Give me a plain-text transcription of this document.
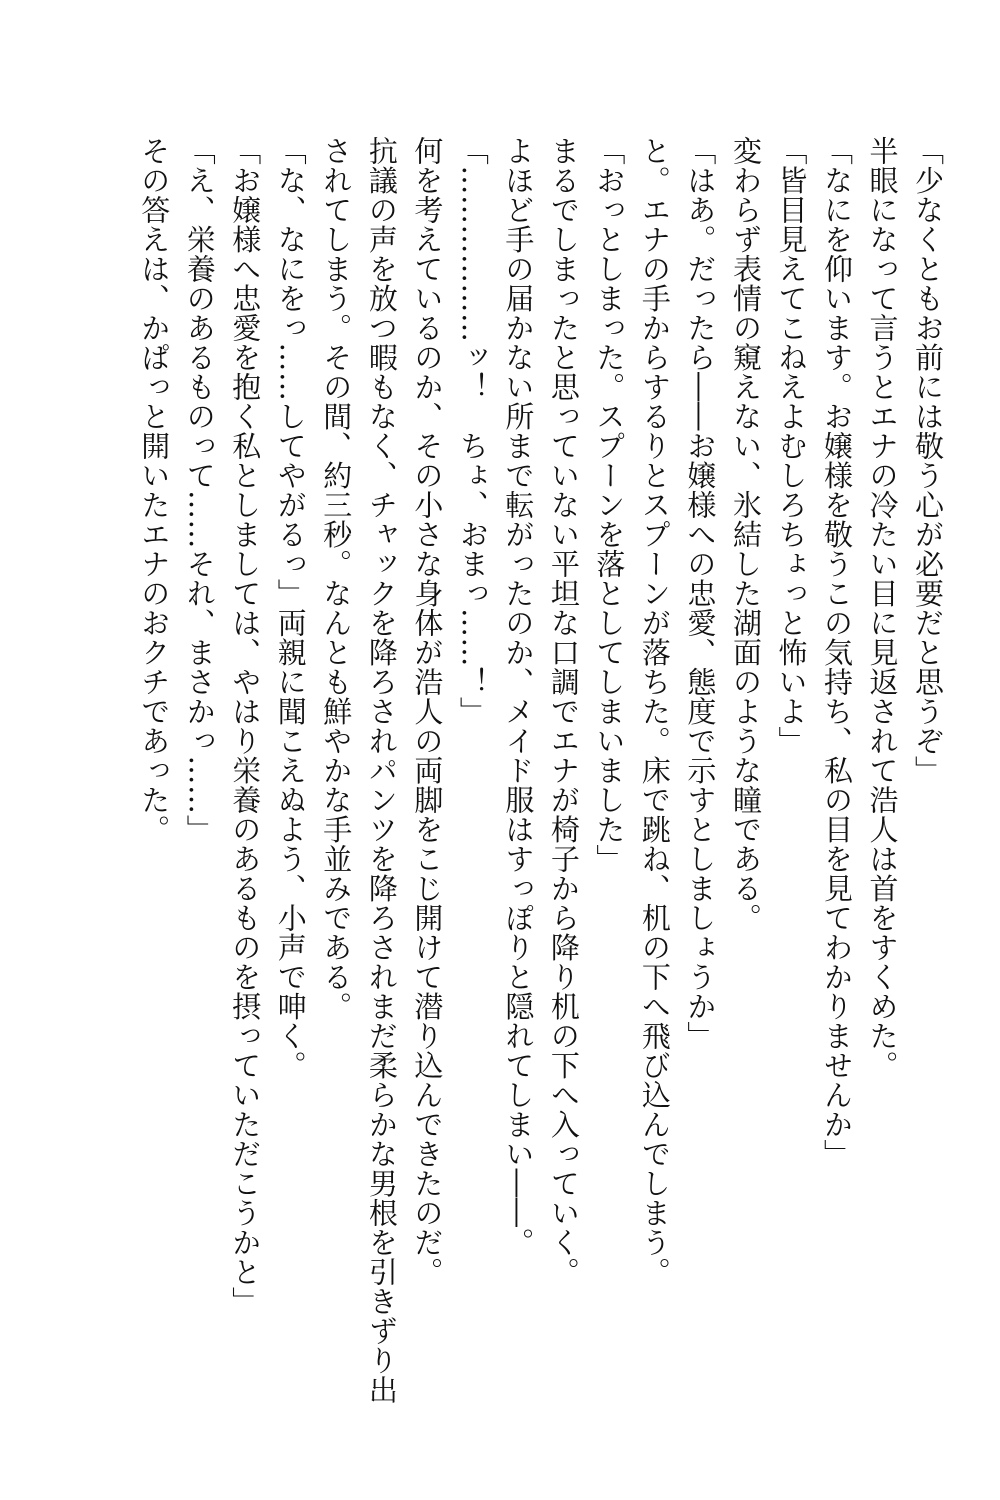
「少なくともお前には敬う心が必要だと思うぞ」

半眼になって言うとエナの冷たい目に見返されて浩人は首をすくめた。

「なにを仰います。お嬢様を敬うこの気持ち、私の目を見てわかりませんか」

「皆目見えてこねえよむしろちょっと怖いよ」

変わらず表情の窺えない、氷結した湖面のような瞳である。

「はあ。だったら――お嬢様への忠愛、態度で示すとしましょうか」

と。エナの手からするりとスプーンが落ちた。床で跳ね、机の下へ飛び込んでしまう。

「おっとしまった。スプーンを落としてしまいました」

まるでしまったと思っていない平坦な口調でエナが椅子から降り机の下へ入っていく。

よほど手の届かない所まで転がったのか、メイド服はすっぽりと隠れてしまい――。

「………………ッ！　ちょ、おまっ……！」

何を考えているのか、その小さな身体が浩人の両脚をこじ開けて潜り込んできたのだ。

抗議の声を放つ暇もなく、チャックを降ろされパンツを降ろされまだ柔らかな男根を引きずり出

されてしまう。その間、約三秒。なんとも鮮やかな手並みである。

「な、なにをっ……してやがるっ」両親に聞こえぬよう、小声で呻く。

「お嬢様へ忠愛を抱く私としましては、やはり栄養のあるものを摂っていただこうかと」

「え、栄養のあるものって……それ、まさかっ……」

その答えは、かぱっと開いたエナのおクチであった。
